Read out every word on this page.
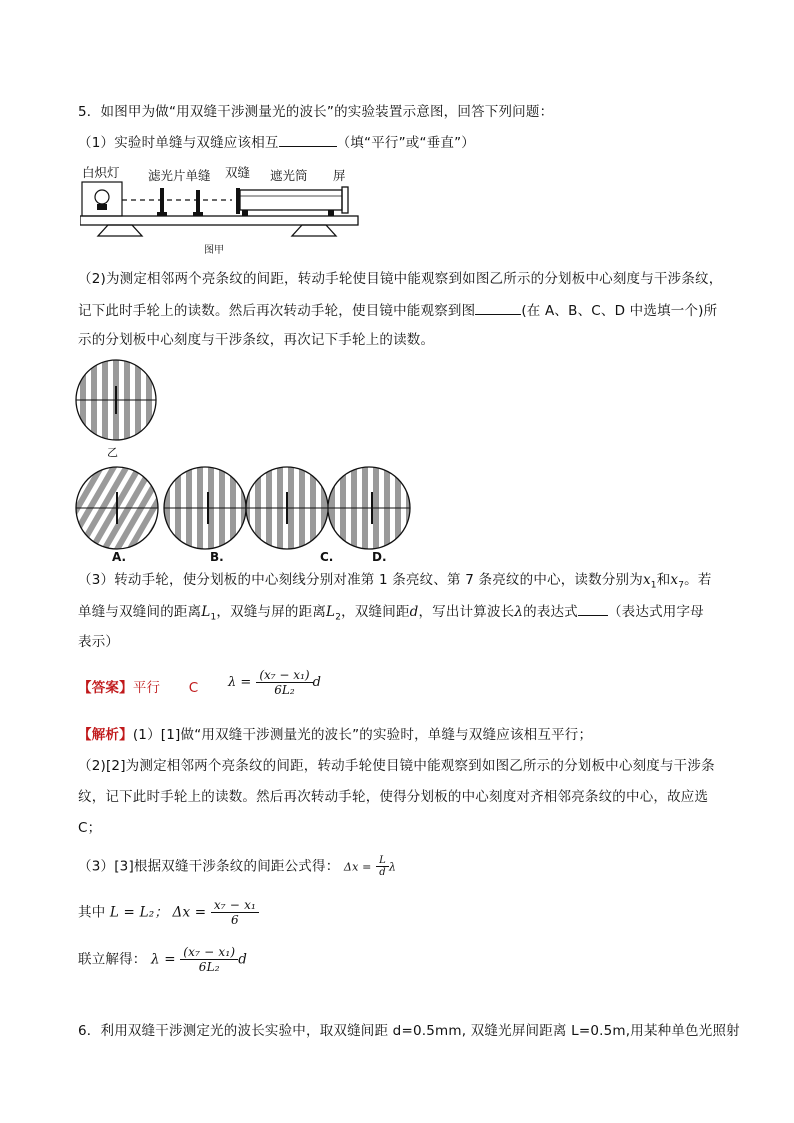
5．如图甲为做“用双缝干涉测量光的波长”的实验装置示意图，回答下列问题：
（1）实验时单缝与双缝应该相互	（填“平行”或“垂直”）
白炽灯 滤光片单缝 双缝 遮光筒 屏
图甲
（2)为测定相邻两个亮条纹的间距，转动手轮使目镜中能观察到如图乙所示的分划板中心刻度与干涉条纹，
记下此时手轮上的读数。然后再次转动手轮，使目镜中能观察到图	(在 A、B、C、D 中选填一个)所
示的分划板中心刻度与干涉条纹，再次记下手轮上的读数。
乙
A.	B.	C.	D.
（3）转动手轮，使分划板的中心刻线分别对准第 1 条亮纹、第 7 条亮纹的中心，读数分别为$x_1$和$x_7$。若
单缝与双缝间的距离$L_1$，双缝与屏的距离$L_2$，双缝间距d，写出计算波长λ的表达式 （表达式用字母
表示）
【答案】平行 C $\lambda = \frac{\text{(x₇ − x₁)}}{\text{6L₂}}$ d
【解析】(1）[1]做“用双缝干涉测量光的波长”的实验时，单缝与双缝应该相互平行；
（2)[2]为测定相邻两个亮条纹的间距，转动手轮使目镜中能观察到如图乙所示的分划板中心刻度与干涉条
纹，记下此时手轮上的读数。然后再次转动手轮，使得分划板的中心刻度对齐相邻亮条纹的中心，故应选
C；
（3）[3]根据双缝干涉条纹的间距公式得： $\Delta x = \frac{L}{d}$ λ
其中 L = L₂； $\Delta x = \frac{\text{x₇ − x₁}}{6}$
联立解得： $\lambda = \frac{\text{(x₇ − x₁)}}{\text{6L₂}}$ d
6．利用双缝干涉测定光的波长实验中，取双缝间距 d=0.5mm, 双缝光屏间距离 L=0.5m,用某种单色光照射
